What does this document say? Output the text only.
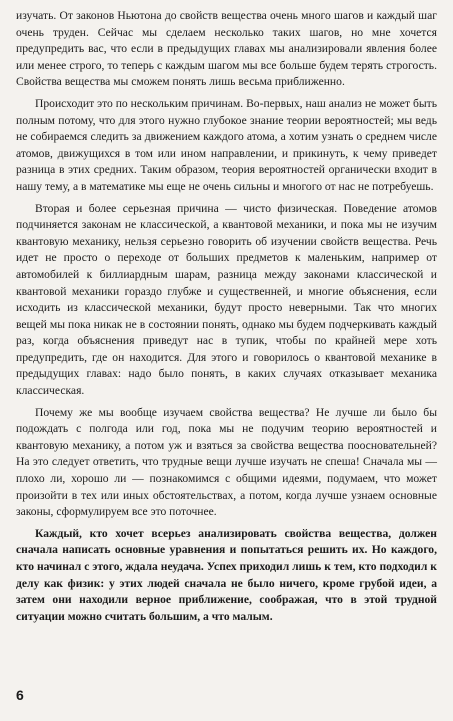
изучать. От законов Ньютона до свойств вещества очень много шагов и каждый шаг очень труден. Сейчас мы сделаем несколько таких шагов, но мне хочется предупредить вас, что если в предыдущих главах мы анализировали явления более или менее строго, то теперь с каждым шагом мы все больше будем терять строгость. Свойства вещества мы сможем понять лишь весьма приближенно.

Происходит это по нескольким причинам. Во-первых, наш анализ не может быть полным потому, что для этого нужно глубокое знание теории вероятностей; мы ведь не собираемся следить за движением каждого атома, а хотим узнать о среднем числе атомов, движущихся в том или ином направлении, и прикинуть, к чему приведет разница в этих средних. Таким образом, теория вероятностей органически входит в нашу тему, а в математике мы еще не очень сильны и многого от нас не потребуешь.

Вторая и более серьезная причина — чисто физическая. Поведение атомов подчиняется законам не классической, а квантовой механики, и пока мы не изучим квантовую механику, нельзя серьезно говорить об изучении свойств вещества. Речь идет не просто о переходе от больших предметов к маленьким, например от автомобилей к биллиардным шарам, разница между законами классической и квантовой механики гораздо глубже и существенней, и многие объяснения, если исходить из классической механики, будут просто неверными. Так что многих вещей мы пока никак не в состоянии понять, однако мы будем подчеркивать каждый раз, когда объяснения приведут нас в тупик, чтобы по крайней мере хоть предупредить, где он находится. Для этого и говорилось о квантовой механике в предыдущих главах: надо было понять, в каких случаях отказывает механика классическая.

Почему же мы вообще изучаем свойства вещества? Не лучше ли было бы подождать с полгода или год, пока мы не подучим теорию вероятностей и квантовую механику, а потом уж и взяться за свойства вещества поосновательней? На это следует ответить, что трудные вещи лучше изучать не спеша! Сначала мы — плохо ли, хорошо ли — познакомимся с общими идеями, подумаем, что может произойти в тех или иных обстоятельствах, а потом, когда лучше узнаем основные законы, сформулируем все это поточнее.

Каждый, кто хочет всерьез анализировать свойства вещества, должен сначала написать основные уравнения и попытаться решить их. Но каждого, кто начинал с этого, ждала неудача. Успех приходил лишь к тем, кто подходил к делу как физик: у этих людей сначала не было ничего, кроме грубой идеи, а затем они находили верное приближение, соображая, что в этой трудной ситуации можно считать большим, а что малым.

6
